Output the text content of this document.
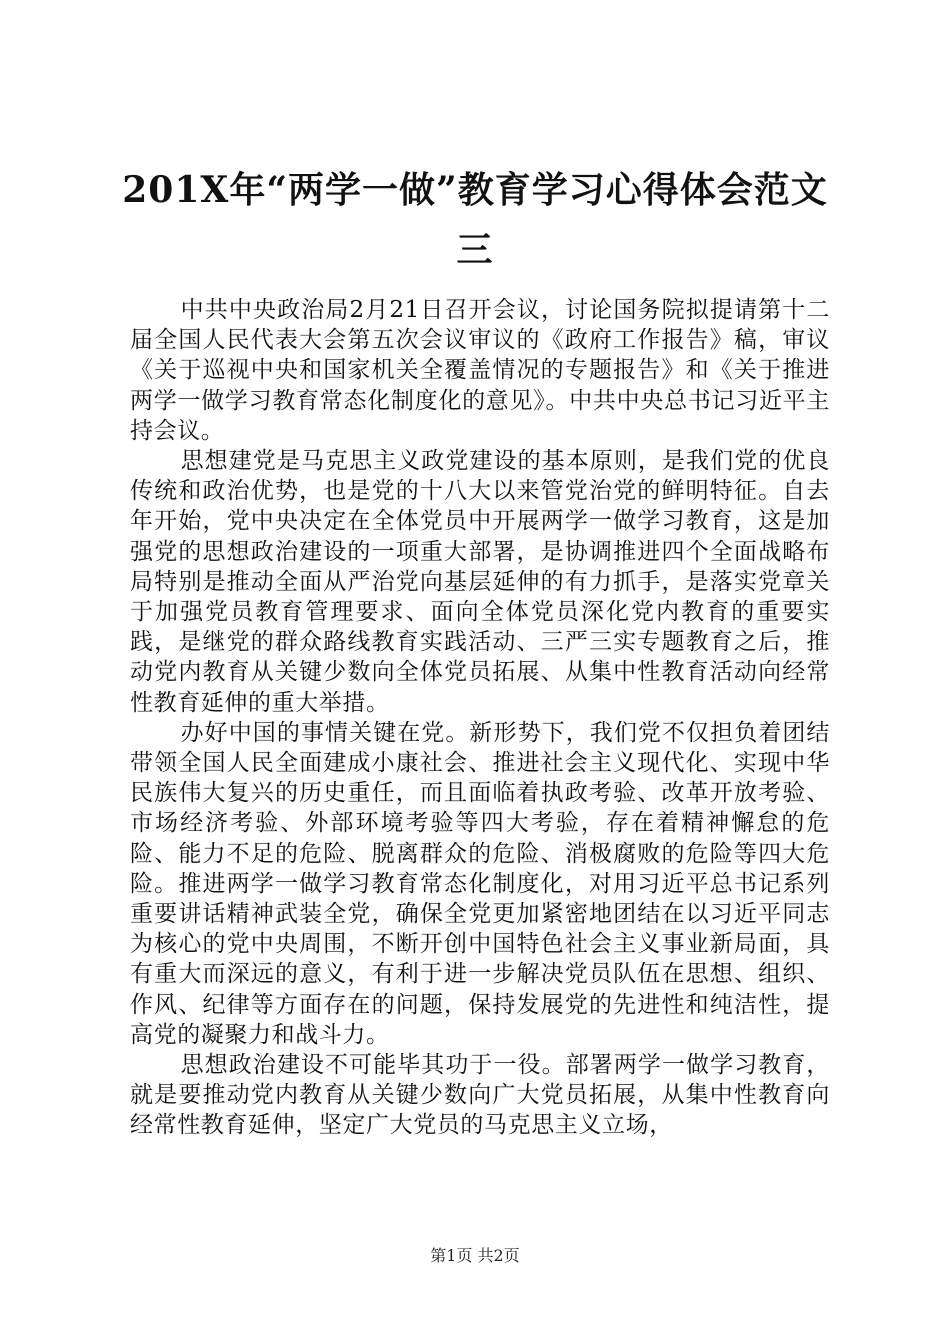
201X年“两学一做”教育学习心得体会范文三

中共中央政治局2月21日召开会议，讨论国务院拟提请第十二届全国人民代表大会第五次会议审议的《政府工作报告》稿，审议《关于巡视中央和国家机关全覆盖情况的专题报告》和《关于推进两学一做学习教育常态化制度化的意见》。中共中央总书记习近平主持会议。

思想建党是马克思主义政党建设的基本原则，是我们党的优良传统和政治优势，也是党的十八大以来管党治党的鲜明特征。自去年开始，党中央决定在全体党员中开展两学一做学习教育，这是加强党的思想政治建设的一项重大部署，是协调推进四个全面战略布局特别是推动全面从严治党向基层延伸的有力抓手，是落实党章关于加强党员教育管理要求、面向全体党员深化党内教育的重要实践，是继党的群众路线教育实践活动、三严三实专题教育之后，推动党内教育从关键少数向全体党员拓展、从集中性教育活动向经常性教育延伸的重大举措。

办好中国的事情关键在党。新形势下，我们党不仅担负着团结带领全国人民全面建成小康社会、推进社会主义现代化、实现中华民族伟大复兴的历史重任，而且面临着执政考验、改革开放考验、市场经济考验、外部环境考验等四大考验，存在着精神懈怠的危险、能力不足的危险、脱离群众的危险、消极腐败的危险等四大危险。推进两学一做学习教育常态化制度化，对用习近平总书记系列重要讲话精神武装全党，确保全党更加紧密地团结在以习近平同志为核心的党中央周围，不断开创中国特色社会主义事业新局面，具有重大而深远的意义，有利于进一步解决党员队伍在思想、组织、作风、纪律等方面存在的问题，保持发展党的先进性和纯洁性，提高党的凝聚力和战斗力。

思想政治建设不可能毕其功于一役。部署两学一做学习教育，就是要推动党内教育从关键少数向广大党员拓展，从集中性教育向经常性教育延伸，坚定广大党员的马克思主义立场，

第1页 共2页
